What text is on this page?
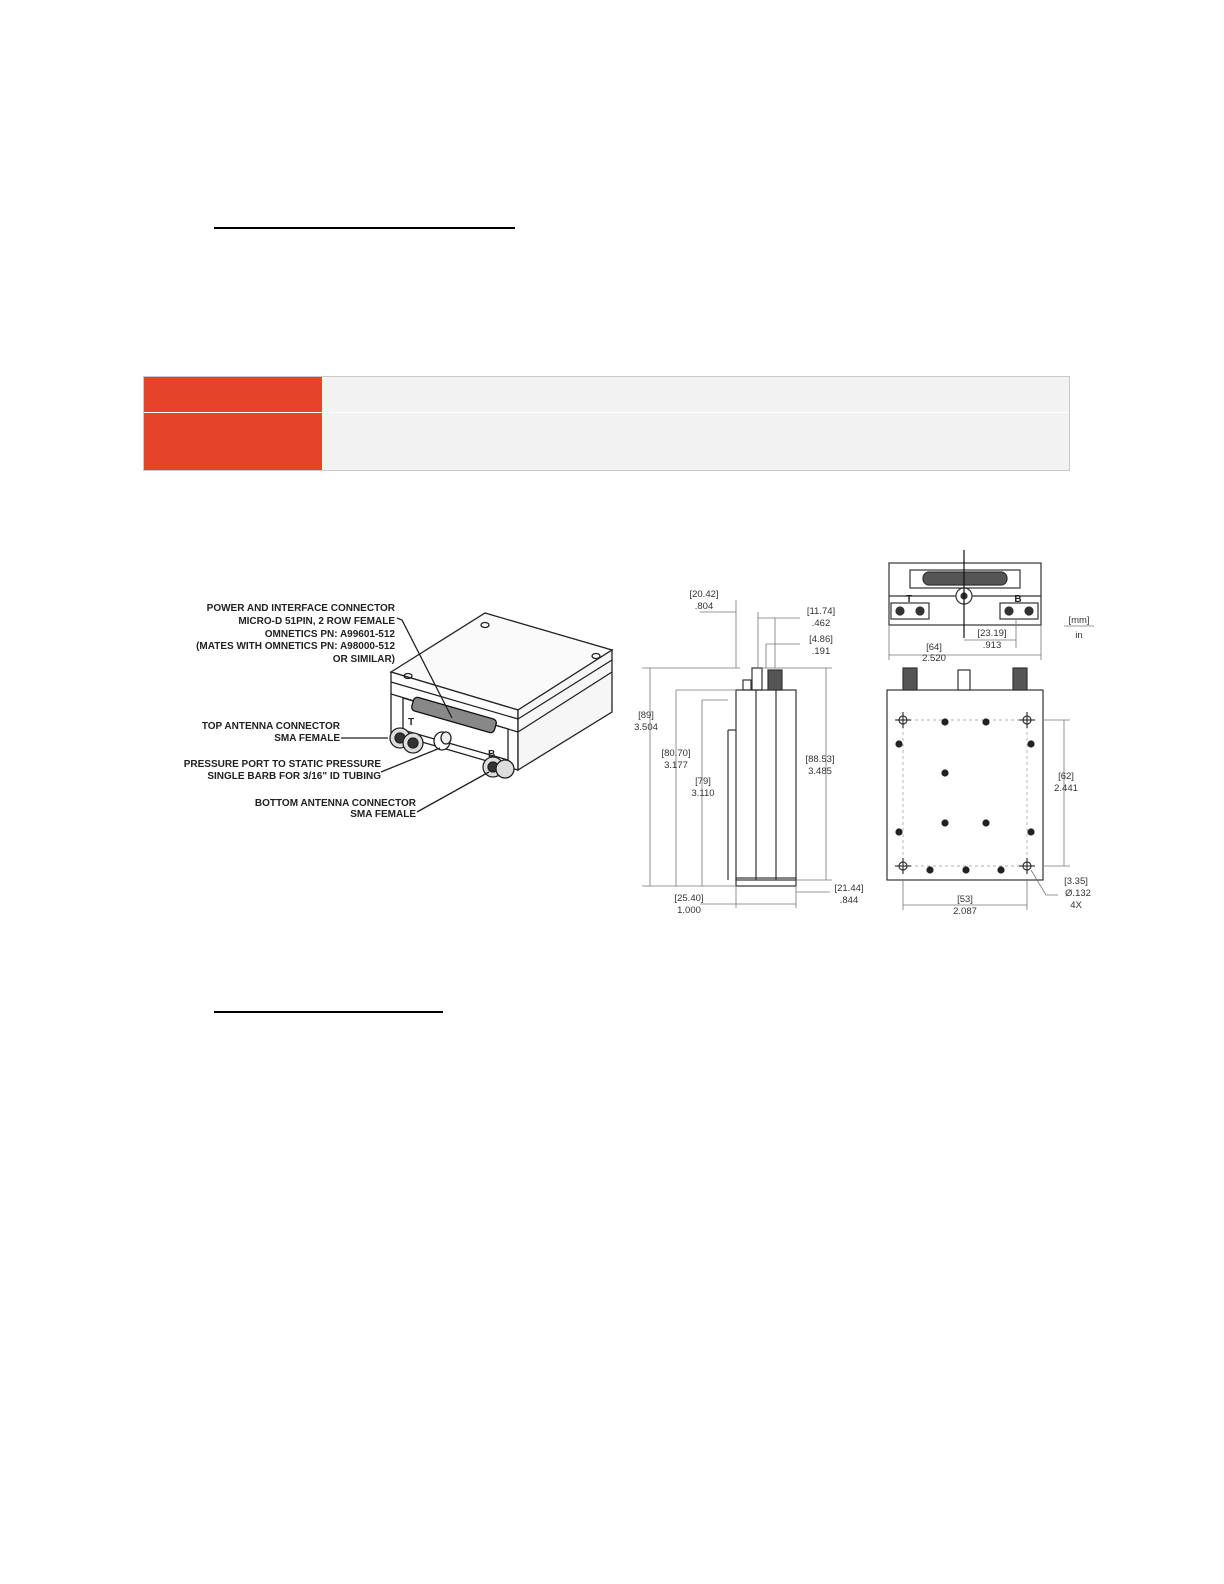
T
B
POWER AND INTERFACE CONNECTOR
MICRO-D 51PIN, 2 ROW FEMALE
OMNETICS PN: A99601-512
(MATES WITH OMNETICS PN: A98000-512
OR SIMILAR)
TOP ANTENNA CONNECTOR
SMA FEMALE
PRESSURE PORT TO STATIC PRESSURE
SINGLE BARB FOR 3/16" ID TUBING
BOTTOM ANTENNA CONNECTOR
SMA FEMALE
[20.42]
.804	[11.74]
.462
[4.86]
.191
[89]
3.504
[80.70]
3.177
[79]
3.110
[88.53]
3.485
[25.40]
1.000
[21.44]
.844
T	B
[64]
2.520
[23.19]
.913
[mm]
in
[62]
2.441
[53]
2.087
[3.35]
Ø.132
4X
